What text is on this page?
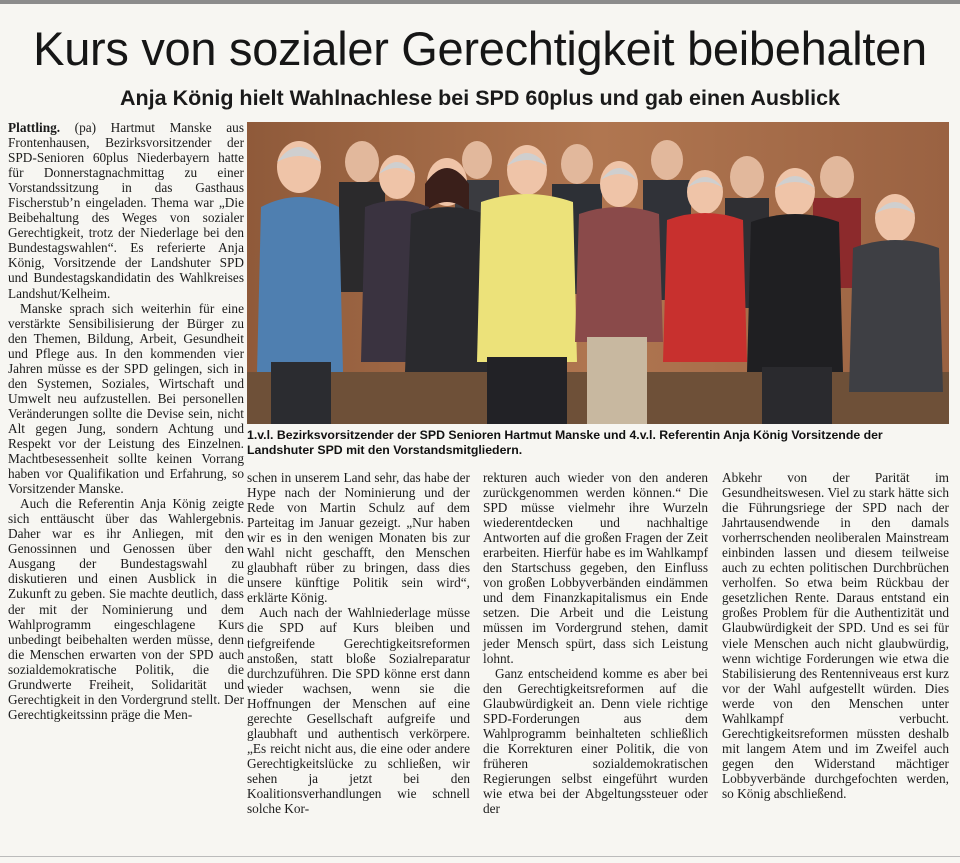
Kurs von sozialer Gerechtigkeit beibehalten
Anja König hielt Wahlnachlese bei SPD 60plus und gab einen Ausblick

Plattling. (pa) Hartmut Manske aus Frontenhausen, Bezirksvorsitzender der SPD-Senioren 60plus Niederbayern hatte für Donnerstagnachmittag zu einer Vorstandssitzung in das Gasthaus Fischerstub’n eingeladen. Thema war „Die Beibehaltung des Weges von sozialer Gerechtigkeit, trotz der Niederlage bei den Bundestagswahlen“. Es referierte Anja König, Vorsitzende der Landshuter SPD und Bundestagskandidatin des Wahlkreises Landshut/Kelheim.

Manske sprach sich weiterhin für eine verstärkte Sensibilisierung der Bürger zu den Themen, Bildung, Arbeit, Gesundheit und Pflege aus. In den kommenden vier Jahren müsse es der SPD gelingen, sich in den Systemen, Soziales, Wirtschaft und Umwelt neu aufzustellen. Bei personellen Veränderungen sollte die Devise sein, nicht Alt gegen Jung, sondern Achtung und Respekt vor der Leistung des Einzelnen. Machtbesessenheit sollte keinen Vorrang haben vor Qualifikation und Erfahrung, so Vorsitzender Manske.

Auch die Referentin Anja König zeigte sich enttäuscht über das Wahlergebnis. Daher war es ihr Anliegen, mit den Genossinnen und Genossen über den Ausgang der Bundestagswahl zu diskutieren und einen Ausblick in die Zukunft zu geben. Sie machte deutlich, dass der mit der Nominierung und dem Wahlprogramm eingeschlagene Kurs unbedingt beibehalten werden müsse, denn die Menschen erwarten von der SPD auch sozialdemokratische Politik, die die Grundwerte Freiheit, Solidarität und Gerechtigkeit in den Vordergrund stellt. Der Gerechtigkeitssinn präge die Men-

1.v.l. Bezirksvorsitzender der SPD Senioren Hartmut Manske und 4.v.l. Referentin Anja König Vorsitzende der Landshuter SPD mit den Vorstandsmitgliedern.

schen in unserem Land sehr, das habe der Hype nach der Nominierung und der Rede von Martin Schulz auf dem Parteitag im Januar gezeigt. „Nur haben wir es in den wenigen Monaten bis zur Wahl nicht geschafft, den Menschen glaubhaft rüber zu bringen, dass dies unsere künftige Politik sein wird“, erklärte König.

Auch nach der Wahlniederlage müsse die SPD auf Kurs bleiben und tiefgreifende Gerechtigkeitsreformen anstoßen, statt bloße Sozialreparatur durchzuführen. Die SPD könne erst dann wieder wachsen, wenn sie die Hoffnungen der Menschen auf eine gerechte Gesellschaft aufgreife und glaubhaft und authentisch verkörpere. „Es reicht nicht aus, die eine oder andere Gerechtigkeitslücke zu schließen, wir sehen ja jetzt bei den Koalitionsverhandlungen wie schnell solche Kor-

rekturen auch wieder von den anderen zurückgenommen werden können.“ Die SPD müsse vielmehr ihre Wurzeln wiederentdecken und nachhaltige Antworten auf die großen Fragen der Zeit erarbeiten. Hierfür habe es im Wahlkampf den Startschuss gegeben, den Einfluss von großen Lobbyverbänden eindämmen und dem Finanzkapitalismus ein Ende setzen. Die Arbeit und die Leistung müssen im Vordergrund stehen, damit jeder Mensch spürt, dass sich Leistung lohnt.

Ganz entscheidend komme es aber bei den Gerechtigkeitsreformen auf die Glaubwürdigkeit an. Denn viele richtige SPD-Forderungen aus dem Wahlprogramm beinhalteten schließlich die Korrekturen einer Politik, die von früheren sozialdemokratischen Regierungen selbst eingeführt wurden wie etwa bei der Abgeltungssteuer oder der

Abkehr von der Parität im Gesundheitswesen. Viel zu stark hätte sich die Führungsriege der SPD nach der Jahrtausendwende in den damals vorherrschenden neoliberalen Mainstream einbinden lassen und diesem teilweise auch zu echten politischen Durchbrüchen verholfen. So etwa beim Rückbau der gesetzlichen Rente. Daraus entstand ein großes Problem für die Authentizität und Glaubwürdigkeit der SPD. Und es sei für viele Menschen auch nicht glaubwürdig, wenn wichtige Forderungen wie etwa die Stabilisierung des Rentenniveaus erst kurz vor der Wahl aufgestellt würden. Dies werde von den Menschen unter Wahlkampf verbucht. Gerechtigkeitsreformen müssten deshalb mit langem Atem und im Zweifel auch gegen den Widerstand mächtiger Lobbyverbände durchgefochten werden, so König abschließend.
